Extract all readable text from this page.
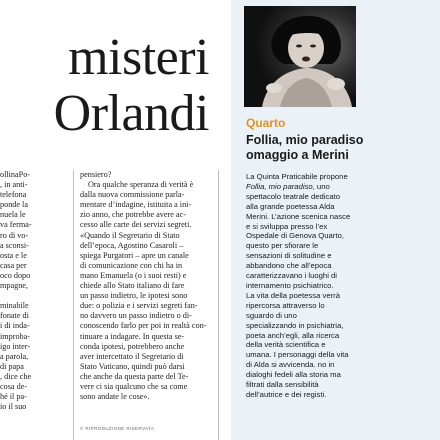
misteri
Orlandi

ollinaPo-

, in anti-

telefona

ponde la

nuela le

va ferma-

ro di vo-

a sconsi-

osta e le

casa per

oco dopo

mpagne,

minabile

fonate di

i di inda-

improba-

igo inter-

a parola,

di papa

, dice che

cosa de-

hé il pa-

io il suo

pensiero?

Ora qualche speranza di verità è

dalla nuova commissione parla-

mentare d’indagine, istituita a ini-

zio anno, che potrebbe avere ac-

cesso alle carte dei servizi segreti.

«Quando il Segretario di Stato

dell’epoca, Agostino Casaroli –

spiega Purgatori – apre un canale

di comunicazione con chi ha in

mano Emanuela (o i suoi resti) e

chiede allo Stato italiano di fare

un passo indietro, le ipotesi sono

due: o polizia e i servizi segreti fan-

no davvero un passo indietro o di-

conoscendo farlo per poi in realtà con-

tinuare a indagare. In questa se-

conda ipotesi, potrebbero anche

aver intercettato il Segretario di

Stato Vaticano, quindi può darsi

che anche da questa parte del Te-

vere ci sia qualcuno che sa come

sono andate le cose».

© RIPRODUZIONE RISERVATA
Quarto
Follia, mio paradiso
omaggio a Merini

La Quinta Praticabile propone

Follia, mio paradiso, uno

spettacolo teatrale dedicato

alla grande poetessa Alda

Merini. L’azione scenica nasce

e si sviluppa presso l’ex

Ospedale di Genova Quarto,

questo per sfiorare le

sensazioni di solitudine e

abbandono che all’epoca

caratterizzavano i luoghi di

internamento psichiatrico.

La vita della poetessa verrà

ripercorsa attraverso lo

sguardo di uno

specializzando in psichiatria,

poeta anch’egli, alla ricerca

della verità scientifica e

umana. I personaggi della vita

di Alda si avvicenda. no in

dialoghi fedeli alla storia ma

filtrati dalla sensibilità

dell’autrice e dei registi.
